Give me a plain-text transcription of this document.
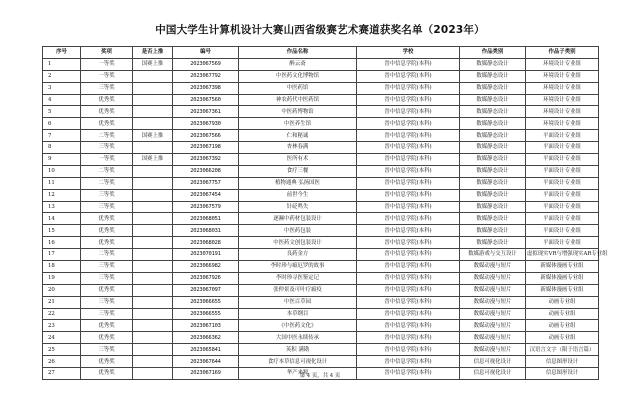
中国大学生计算机设计大赛山西省级赛艺术赛道获奖名单（2023年）
序号	奖项	是否上推	编号	作品名称	学校	作品类别	作品子类别
1	一等奖	国赛上推	2023067569	醉云斋	晋中信息学院(本科)	数媒静态设计	环境设计专业组
2	一等奖		2023067792	中医药文化博物馆	晋中信息学院(本科)	数媒静态设计	环境设计专业组
3	三等奖		2023067398	中医药馆	晋中信息学院(本科)	数媒静态设计	环境设计专业组
4	优秀奖		2023067560	神农药代中医药馆	晋中信息学院(本科)	数媒静态设计	环境设计专业组
5	优秀奖		2023067361	中医药博物馆	晋中信息学院(本科)	数媒静态设计	环境设计专业组
6	优秀奖		2023067930	中医养生馆	晋中信息学院(本科)	数媒静态设计	环境设计专业组
7	二等奖	国赛上推	2023067566	仁和秘诚	晋中信息学院(本科)	数媒静态设计	平面设计专业组
8	三等奖		2023067198	杏林春满	晋中信息学院(本科)	数媒静态设计	平面设计专业组
9	一等奖	国赛上推	2023067392	医所有术	晋中信息学院(本科)	数媒静态设计	平面设计专业组
10	二等奖		2023066208	食疗三餐	晋中信息学院(本科)	数媒静态设计	平面设计专业组
11	二等奖		2023067757	植物通典 弘扬国医	晋中信息学院(本科)	数媒静态设计	平面设计专业组
12	三等奖		2023067454	前世今生	晋中信息学院(本科)	数媒静态设计	平面设计专业组
13	三等奖		2023067579	针砭鸣失	晋中信息学院(本科)	数媒静态设计	平面设计专业组
14	优秀奖		2023068051	逐濒中药材包装设计	晋中信息学院(本科)	数媒静态设计	平面设计专业组
15	优秀奖		2023068031	中医药包装	晋中信息学院(本科)	数媒静态设计	平面设计专业组
16	优秀奖		2023068028	中医药文创包装设计	晋中信息学院(本科)	数媒静态设计	平面设计专业组
17	二等奖		2023070191	良药金方	晋中信息学院(本科)	数媒游戏与交互设计	虚拟现实VR与增强现实AR专业组
18	三等奖		2023066982	李时珍与瘟厄罗的故事	晋中信息学院(本科)	数媒动漫与短片	新媒体漫画专业组
19	三等奖		2023067926	李时珍寻医鉴定记	晋中信息学院(本科)	数媒动漫与短片	新媒体漫画专业组
20	优秀奖		2023067097	张仲景及可叶疗瘟疫	晋中信息学院(本科)	数媒动漫与短片	新媒体漫画专业组
21	三等奖		2023066655	中医百草园	晋中信息学院(本科)	数媒动漫与短片	动画专业组
22	三等奖		2023066555	本草纲目	晋中信息学院(本科)	数媒动漫与短片	动画专业组
23	优秀奖		2023067103	《中医药文化》	晋中信息学院(本科)	数媒动漫与短片	动画专业组
24	优秀奖		2023066362	大国中医永续传承	晋中信息学院(本科)	数媒动漫与短片	动画专业组
25	三等奖		2023065841	英积 满勘	晋中信息学院(本科)	数媒动漫与短片	汉语言文字（限于语言篇）
26	优秀奖		2023067644	食疗本草信息可视化设计	晋中信息学院(本科)	信息可视化设计	信息图形设计
27	优秀奖		2023067169	华产来源	晋中信息学院(本科)	信息可视化设计	信息图形设计
第 4 页，共 4 页
